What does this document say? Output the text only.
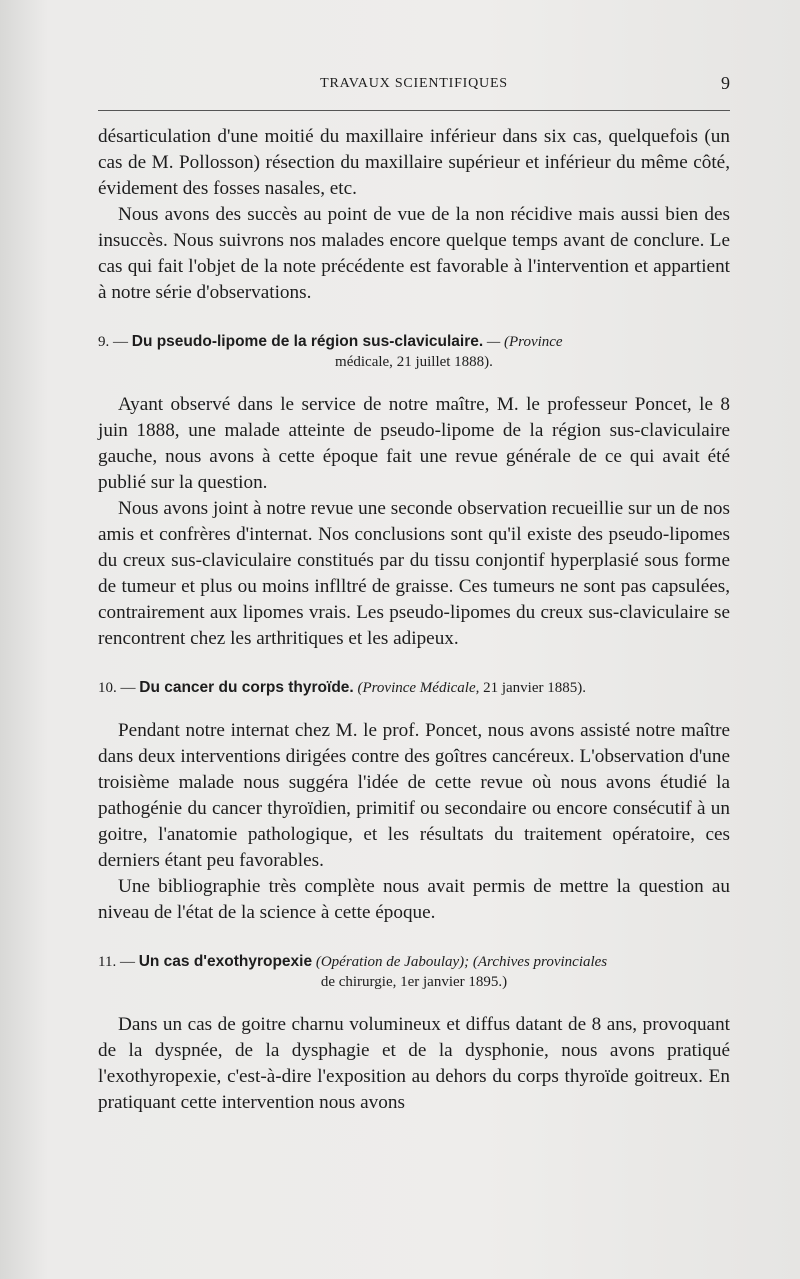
TRAVAUX SCIENTIFIQUES	9

désarticulation d'une moitié du maxillaire inférieur dans six cas, quelquefois (un cas de M. Pollosson) résection du maxillaire supérieur et inférieur du même côté, évidement des fosses nasales, etc.

Nous avons des succès au point de vue de la non récidive mais aussi bien des insuccès. Nous suivrons nos malades encore quelque temps avant de conclure. Le cas qui fait l'objet de la note précédente est favorable à l'intervention et appartient à notre série d'observations.

9. — Du pseudo-lipome de la région sus-claviculaire. — (Province

médicale, 21 juillet 1888).

Ayant observé dans le service de notre maître, M. le professeur Poncet, le 8 juin 1888, une malade atteinte de pseudo-lipome de la région sus-claviculaire gauche, nous avons à cette époque fait une revue générale de ce qui avait été publié sur la question.

Nous avons joint à notre revue une seconde observation recueillie sur un de nos amis et confrères d'internat. Nos conclusions sont qu'il existe des pseudo-lipomes du creux sus-claviculaire constitués par du tissu conjontif hyperplasié sous forme de tumeur et plus ou moins inflltré de graisse. Ces tumeurs ne sont pas capsulées, contrairement aux lipomes vrais. Les pseudo-lipomes du creux sus-claviculaire se rencontrent chez les arthritiques et les adipeux.

10. — Du cancer du corps thyroïde. (Province Médicale, 21 janvier 1885).

Pendant notre internat chez M. le prof. Poncet, nous avons assisté notre maître dans deux interventions dirigées contre des goîtres cancéreux. L'observation d'une troisième malade nous suggéra l'idée de cette revue où nous avons étudié la pathogénie du cancer thyroïdien, primitif ou secondaire ou encore consécutif à un goitre, l'anatomie pathologique, et les résultats du traitement opératoire, ces derniers étant peu favorables.

Une bibliographie très complète nous avait permis de mettre la question au niveau de l'état de la science à cette époque.

11. — Un cas d'exothyropexie (Opération de Jaboulay); (Archives provinciales

de chirurgie, 1er janvier 1895.)

Dans un cas de goitre charnu volumineux et diffus datant de 8 ans, provoquant de la dyspnée, de la dysphagie et de la dysphonie, nous avons pratiqué l'exothyropexie, c'est-à-dire l'exposition au dehors du corps thyroïde goitreux. En pratiquant cette intervention nous avons
